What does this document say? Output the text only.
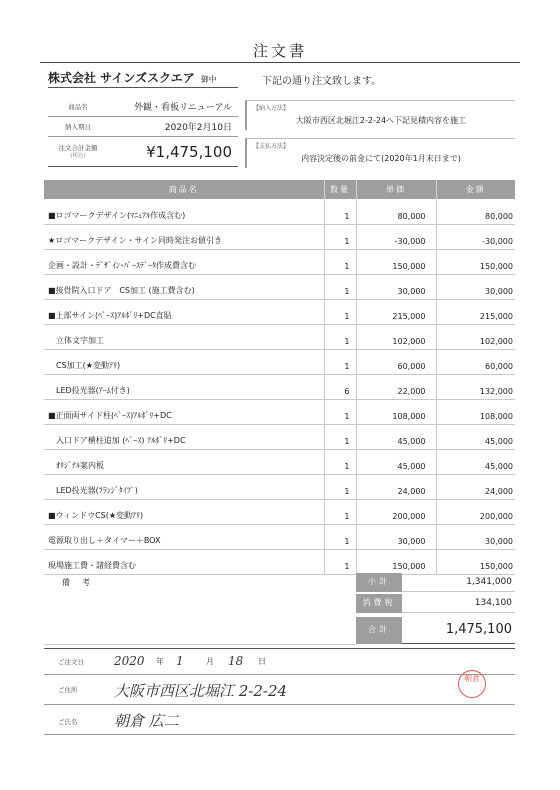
注文書
株式会社 サインズスクエア 御中	下記の通り注文致します。
商品名	外観・看板リニューアル
納入期日	2020年2月10日
注文合計金額
(税込)	¥1,475,100
【納入方法】
大阪市西区北堀江2-2-24へ下記見積内容を施工
【支払方法】
内容決定後の前金にて(2020年1月末日まで)
商品名	数量	単価	金額
■ロゴマークデザイン(ﾏﾆｭｱﾙ作成含む)	1	80,000	80,000
★ロゴマークデザイン・サイン同時発注お値引き	1	-30,000	-30,000
企画・設計・ﾃﾞｻﾞｲﾝ･ﾊﾟｰｽﾃﾞｰﾀ作成費含む	1	150,000	150,000
■接骨院入口ドア　CS加工 (施工費含む)	1	30,000	30,000
■上部サイン(ﾍﾞｰｽ)ｱﾙﾎﾞﾘ+DC直貼	1	215,000	215,000
　立体文字加工	1	102,000	102,000
　CS加工(★変動ｱﾘ)	1	60,000	60,000
　LED投光器(ｱｰﾑ付き)	6	22,000	132,000
■正面両サイド柱(ﾍﾞｰｽ)ｱﾙﾎﾞﾘ+DC	1	108,000	108,000
　入口ドア横柱追加 (ﾍﾞｰｽ) ｱﾙﾎﾞﾘ+DC	1	45,000	45,000
　ｵﾘｼﾞﾅﾙ案内板	1	45,000	45,000
　LED投光器(ﾌﾗﾝｼﾞﾀｲﾌﾟ)	1	24,000	24,000
■ウィンドウCS(★変動ｱﾘ)	1	200,000	200,000
電源取り出し＋タイマー＋BOX	1	30,000	30,000
現場施工費・諸経費含む	1	150,000	150,000
備考	小計	1,341,000
消費税	134,100
合計	1,475,100
ご注文日	2020 年 1	月 18 日
ご住所 大阪市西区北堀江 2-2-24
ご氏名 朝倉 広二
朝倉
